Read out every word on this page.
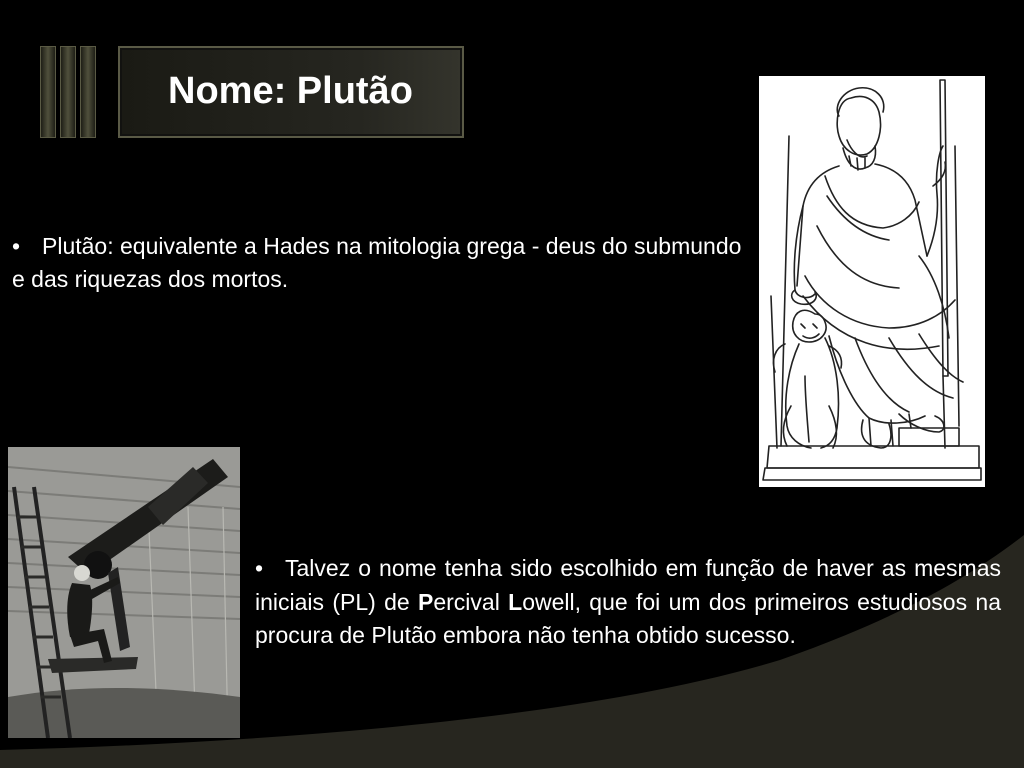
Nome: Plutão
• Plutão: equivalente a Hades na mitologia grega - deus do submundo e das riquezas dos mortos.
• Talvez o nome tenha sido escolhido em função de haver as mesmas iniciais (PL) de Percival Lowell, que foi um dos primeiros estudiosos na procura de Plutão embora não tenha obtido sucesso.
